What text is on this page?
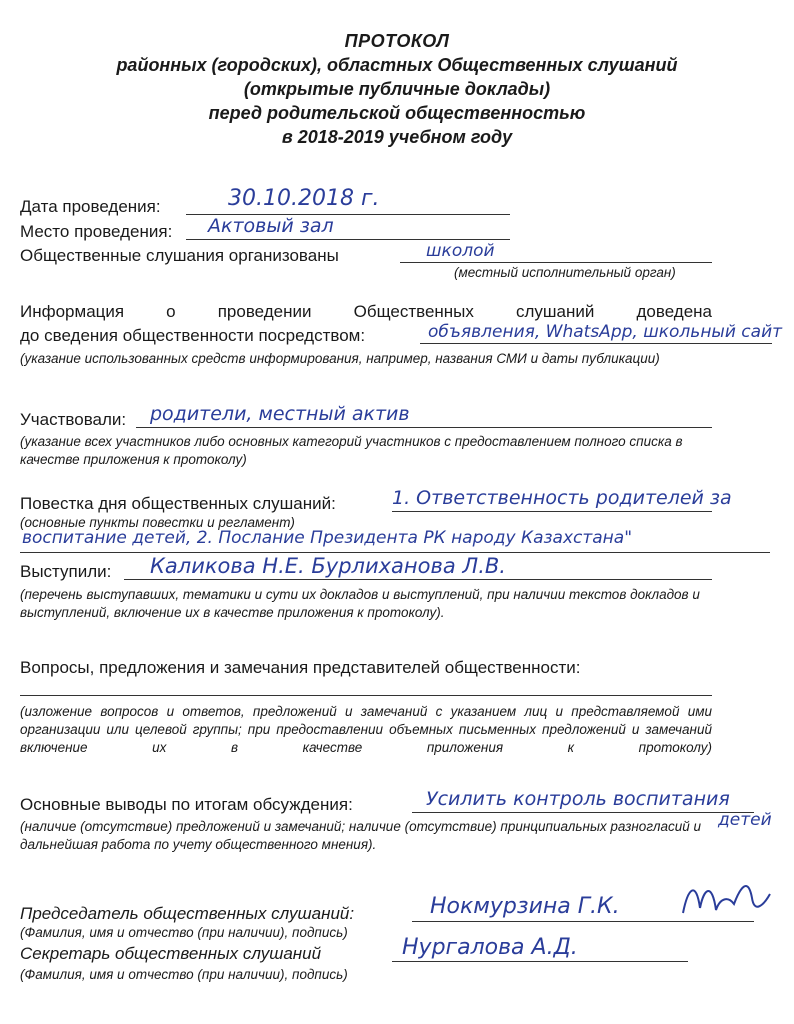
ПРОТОКОЛ
районных (городских), областных Общественных слушаний
(открытые публичные доклады)
перед родительской общественностью
в 2018-2019 учебном году
Дата проведения:	30.10.2018 г.
Место проведения: Актовый зал
Общественные слушания организованы	школой
(местный исполнительный орган)
Информация о проведении Общественных слушаний доведена
до сведения общественности посредством:	объявления, WhatsApp, школьный сайт
(указание использованных средств информирования, например, названия СМИ и даты публикации)
Участвовали: родители, местный актив
(указание всех участников либо основных категорий участников с предоставлением полного списка в качестве приложения к протоколу)
Повестка дня общественных слушаний:	1. Ответственность родителей за
(основные пункты повестки и регламент)
воспитание детей, 2. Послание Президента РК народу Казахстана"
Выступили: Каликова Н.Е. Бурлиханова Л.В.
(перечень выступавших, тематики и сути их докладов и выступлений, при наличии текстов докладов и выступлений, включение их в качестве приложения к протоколу).
Вопросы, предложения и замечания представителей общественности:
(изложение вопросов и ответов, предложений и замечаний с указанием лиц и представляемой ими организации или целевой группы; при предоставлении объемных письменных предложений и замечаний включение их в качестве приложения к протоколу)
Основные выводы по итогам обсуждения:	Усилить контроль воспитания
детей
(наличие (отсутствие) предложений и замечаний; наличие (отсутствие) принципиальных разногласий и дальнейшая работа по учету общественного мнения).
Председатель общественных слушаний:	Нокмурзина Г.К.
(Фамилия, имя и отчество (при наличии), подпись)
Секретарь общественных слушаний	Нургалова А.Д.
(Фамилия, имя и отчество (при наличии), подпись)
